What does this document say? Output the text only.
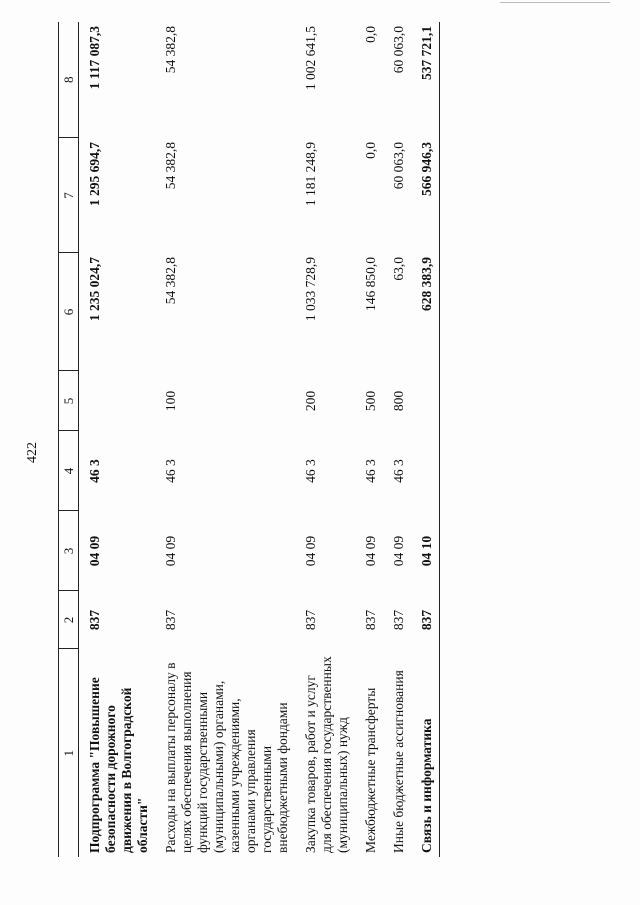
422
1	2	3	4	5	6	7	8
Подпрограмма "Повышение безопасности дорожного движения в Волгоградской области"	837	04 09	46 3		1 235 024,7	1 295 694,7	1 117 087,3
Расходы на выплаты персоналу в целях обеспечения выполнения функций государственными (муниципальными) органами, казенными учреждениями, органами управления государственными внебюджетными фондами	837	04 09	46 3	100	54 382,8	54 382,8	54 382,8
Закупка товаров, работ и услуг для обеспечения государственных (муниципальных) нужд	837	04 09	46 3	200	1 033 728,9	1 181 248,9	1 002 641,5
Межбюджетные трансферты	837	04 09	46 3	500	146 850,0	0,0	0,0
Иные бюджетные ассигнования	837	04 09	46 3	800	63,0	60 063,0	60 063,0
Связь и информатика	837	04 10			628 383,9	566 946,3	537 721,1
